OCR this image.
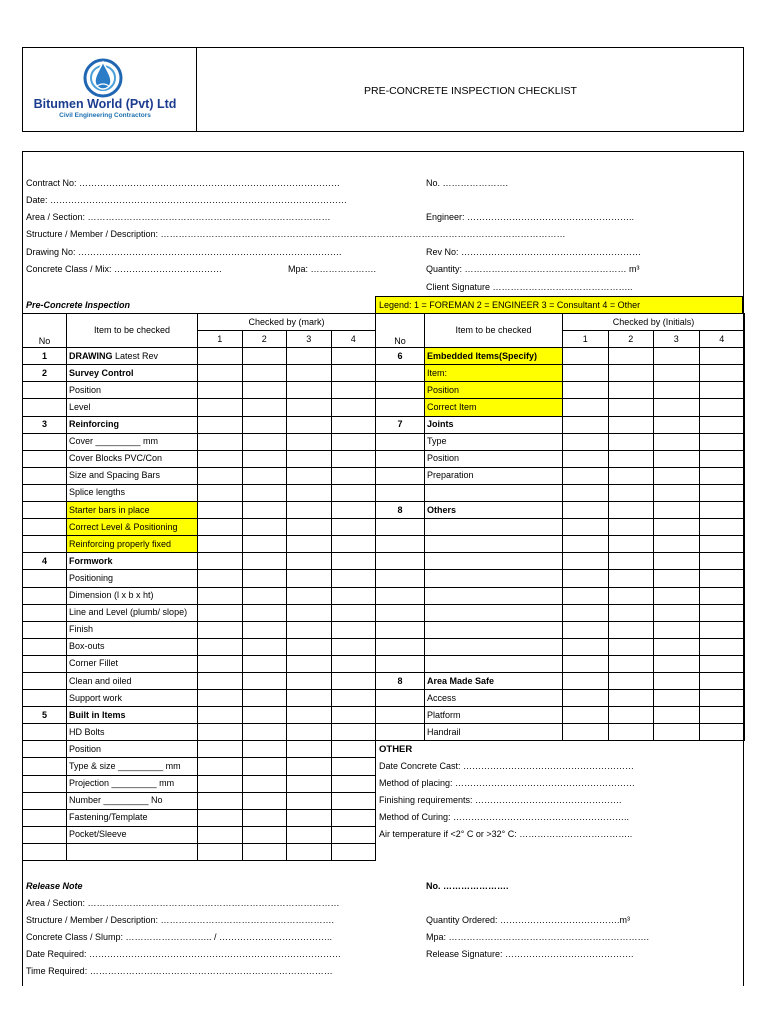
Bitumen World (Pvt) Ltd
Civil Engineering Contractors
PRE-CONCRETE INSPECTION CHECKLIST
Contract No: ……………………………………………………………………………
Date: ………………………………………………………………………………………
Area / Section: ………………………………………………………………………
Structure / Member / Description: ………………………………………………………………………………………………………………………
Drawing No: …………………………………………………………………………….
Concrete Class / Mix: ………………………………	Mpa: ………………….
No. ………………….
Engineer: ………………………………………………..
Rev No: ……………………………………………………
Quantity: ……………………………………………… m³
Client Signature ………………………………………..
Pre-Concrete Inspection	Legend: 1 = FOREMAN 2 = ENGINEER 3 = Consultant 4 = Other
No	Item to be checked	Checked by (mark)			
		1	2	3	4
1	DRAWING Latest Rev				
2	Survey Control				
	Position				
	Level				
3	Reinforcing				
	Cover _________ mm				
	Cover Blocks PVC/Con				
	Size and Spacing Bars				
	Splice lengths				
	Starter bars in place				
	Correct Level & Positioning				
	Reinforcing properly fixed				
4	Formwork				
	Positioning				
	Dimension (l x b x ht)				
	Line and Level (plumb/ slope)				
	Finish				
	Box-outs				
	Corner Fillet				
	Clean and oiled				
	Support work				
5	Built in Items				
	HD Bolts				
	Position				
	Type & size _________ mm				
	Projection _________ mm				
	Number _________ No				
	Fastening/Template				
	Pocket/Sleeve				

No	Item to be checked	Checked by (Initials)			
		1	2	3	4
6	Embedded Items(Specify)				
	Item:				
	Position				
	Correct Item				
7	Joints				
	Type				
	Position				
	Preparation				

8	Others				

8	Area Made Safe				
	Access				
	Platform				
	Handrail				
OTHER
Date Concrete Cast: …………………………………………………
Method of placing: ……………………………………………………
Finishing requirements: ………………………………………….
Method of Curing: …………………………………………………..
Air temperature if <2° C or >32° C: ………………………………..
Release Note	No. ………………….
Area / Section: …………………………………………………………………………
Structure / Member / Description: ………………………………………………….
Concrete Class / Slump: ……………………….. / ………………………………..
Date Required: …………………………………………………………………………
Time Required: ………………………………………………………………………
Quantity Ordered: ………………………………….m³
Mpa: ………………………………………………………….
Release Signature: …………………………………….
